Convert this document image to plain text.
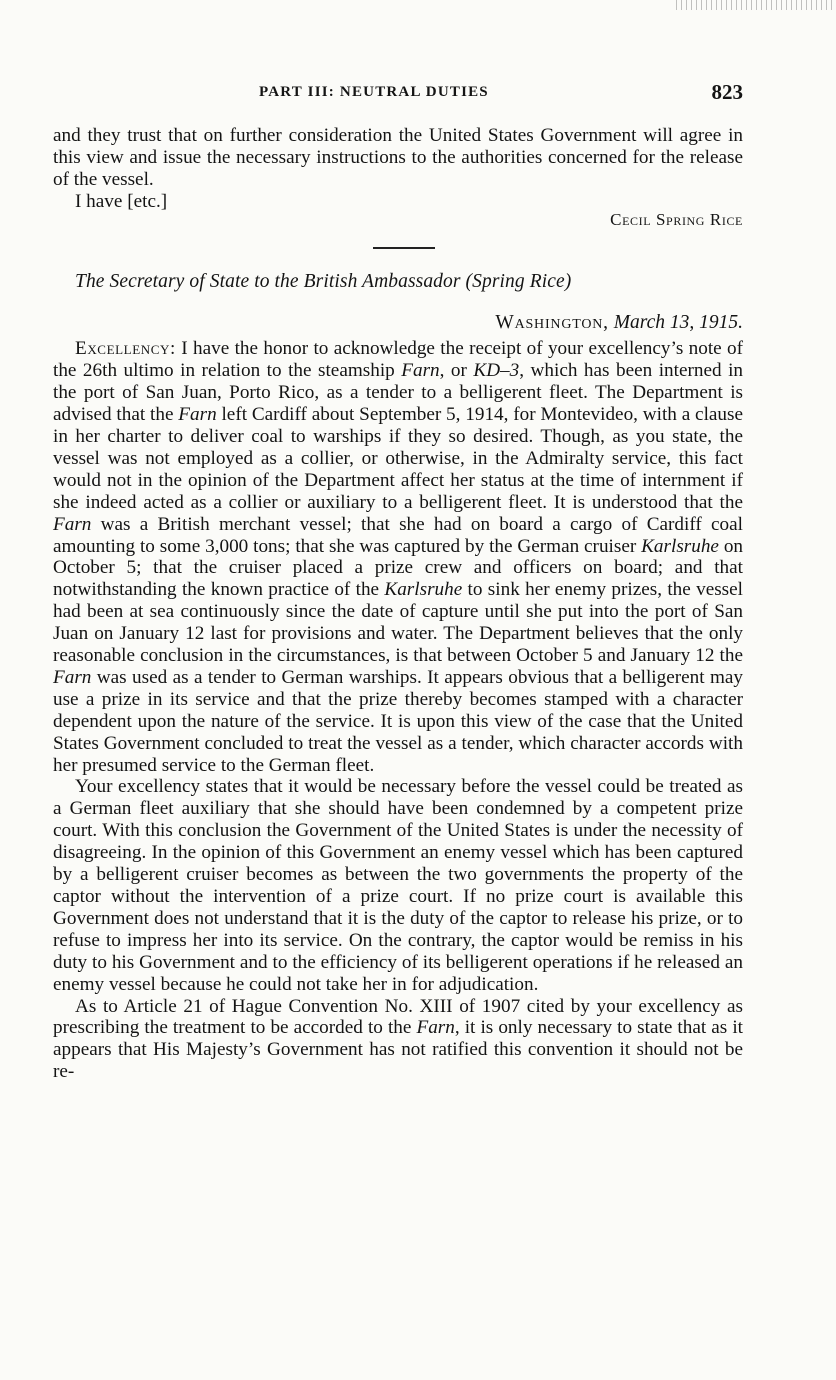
PART III: NEUTRAL DUTIES	823

and they trust that on further consideration the United States Government will agree in this view and issue the necessary instructions to the authorities concerned for the release of the vessel.

I have [etc.]

Cecil Spring Rice

The Secretary of State to the British Ambassador (Spring Rice)

Washington, March 13, 1915.

Excellency: I have the honor to acknowledge the receipt of your excellency’s note of the 26th ultimo in relation to the steamship Farn, or KD–3, which has been interned in the port of San Juan, Porto Rico, as a tender to a belligerent fleet. The Department is advised that the Farn left Cardiff about September 5, 1914, for Montevideo, with a clause in her charter to deliver coal to warships if they so desired. Though, as you state, the vessel was not employed as a collier, or otherwise, in the Admiralty service, this fact would not in the opinion of the Department affect her status at the time of internment if she indeed acted as a collier or auxiliary to a belligerent fleet. It is understood that the Farn was a British merchant vessel; that she had on board a cargo of Cardiff coal amounting to some 3,000 tons; that she was captured by the German cruiser Karlsruhe on October 5; that the cruiser placed a prize crew and officers on board; and that notwithstanding the known practice of the Karlsruhe to sink her enemy prizes, the vessel had been at sea continuously since the date of capture until she put into the port of San Juan on January 12 last for provisions and water. The Department believes that the only reasonable conclusion in the circumstances, is that between October 5 and January 12 the Farn was used as a tender to German warships. It appears obvious that a belligerent may use a prize in its service and that the prize thereby becomes stamped with a character dependent upon the nature of the service. It is upon this view of the case that the United States Government concluded to treat the vessel as a tender, which character accords with her presumed service to the German fleet.

Your excellency states that it would be necessary before the vessel could be treated as a German fleet auxiliary that she should have been condemned by a competent prize court. With this conclusion the Government of the United States is under the necessity of disagreeing. In the opinion of this Government an enemy vessel which has been captured by a belligerent cruiser becomes as between the two governments the property of the captor without the intervention of a prize court. If no prize court is available this Government does not understand that it is the duty of the captor to release his prize, or to refuse to impress her into its service. On the contrary, the captor would be remiss in his duty to his Government and to the efficiency of its belligerent operations if he released an enemy vessel because he could not take her in for adjudication.

As to Article 21 of Hague Convention No. XIII of 1907 cited by your excellency as prescribing the treatment to be accorded to the Farn, it is only necessary to state that as it appears that His Majesty’s Government has not ratified this convention it should not be re-
